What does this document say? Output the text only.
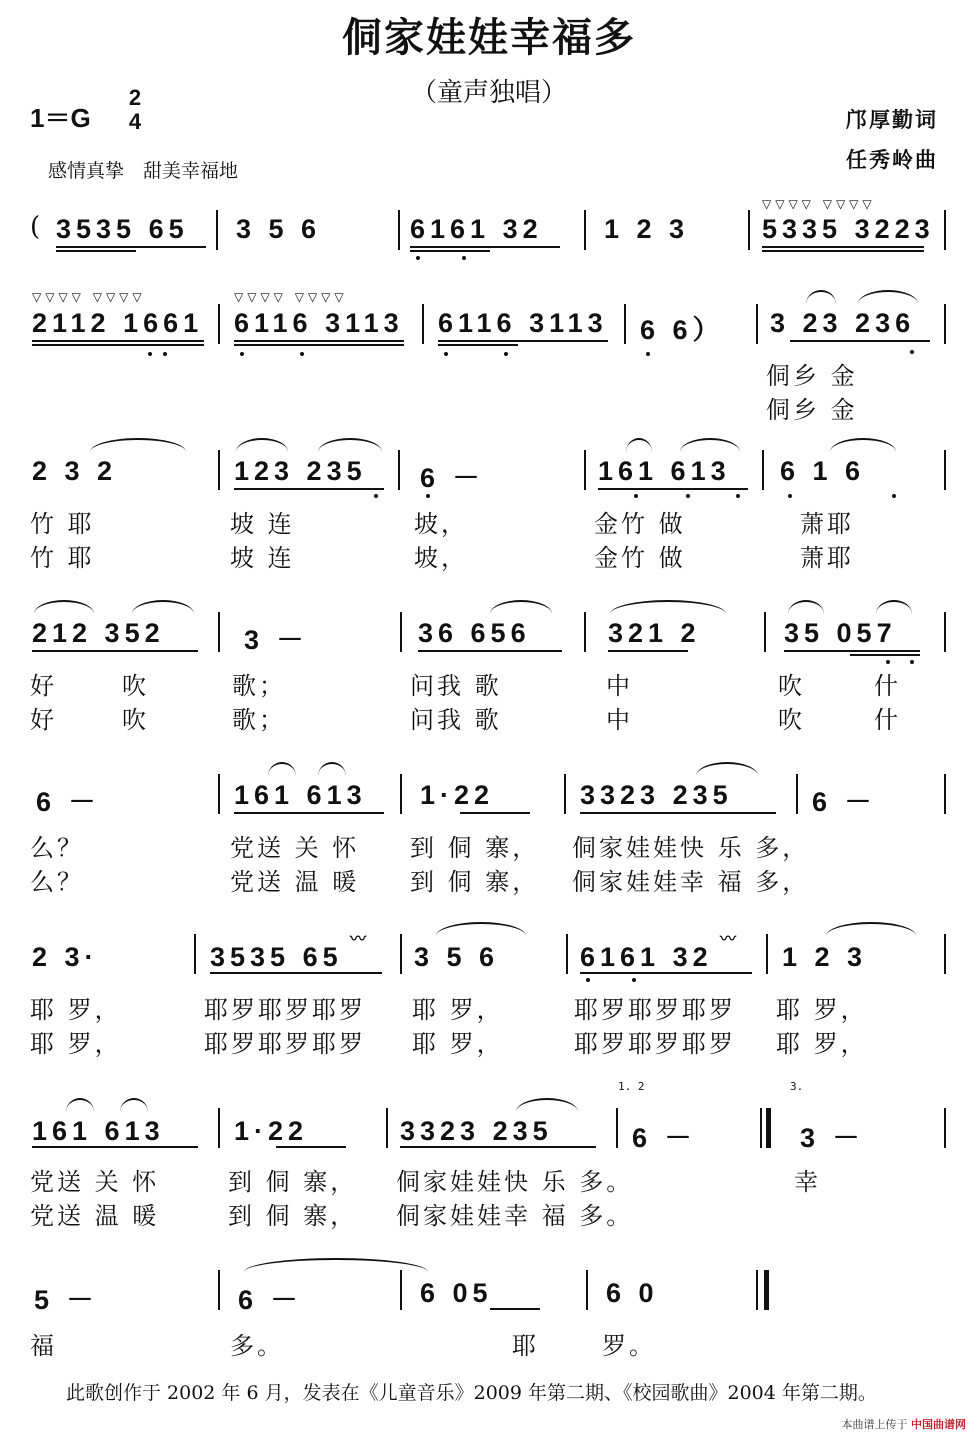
侗家娃娃幸福多
（童声独唱）
1＝G
2
4
感情真挚　甜美幸福地
邝厚勤词
任秀岭曲
(
▽▽▽▽ ▽▽▽▽
3535 65 3 5 6	6161 32 1 2 3	5335 3223
▽▽▽▽ ▽▽▽▽	▽▽▽▽ ▽▽▽▽
2112 1661 6116 3113 6116 3113 6 6） 3 23 236
侗乡 金
侗乡 金
2 3 2	123 235 6 －	161 613 6 1 6
竹 耶	坡 连	坡，	金竹 做	萧耶
竹 耶	坡 连	坡，	金竹 做	萧耶
212 352	3 －	36 656	321 2	35 057
好	吹	歌；	问我 歌	中	吹	什
好	吹	歌；	问我 歌	中	吹	什
6 －	161 613 1·22	3323 235	6 －
么？	党送 关 怀 到 侗 寨， 侗家娃娃快 乐 多，
么？	党送 温 暖 到 侗 寨， 侗家娃娃幸 福 多，
2 3·	3535 65	3 5 6	6161 32	1 2 3
〰	〰
耶 罗，	耶罗耶罗耶罗 耶 罗，	耶罗耶罗耶罗 耶 罗，
耶 罗，	耶罗耶罗耶罗 耶 罗，	耶罗耶罗耶罗 耶 罗，
1. 2	3.
161 613	1·22	3323 235	6 －	3 －
党送 关 怀	到 侗 寨， 侗家娃娃快 乐 多。	幸
党送 温 暖	到 侗 寨， 侗家娃娃幸 福 多。
5 －	6 －	6 05	6 0
福	多。	耶	罗。
此歌创作于 2002 年 6 月，发表在《儿童音乐》2009 年第二期、《校园歌曲》2004 年第二期。
本曲谱上传于 中国曲谱网
